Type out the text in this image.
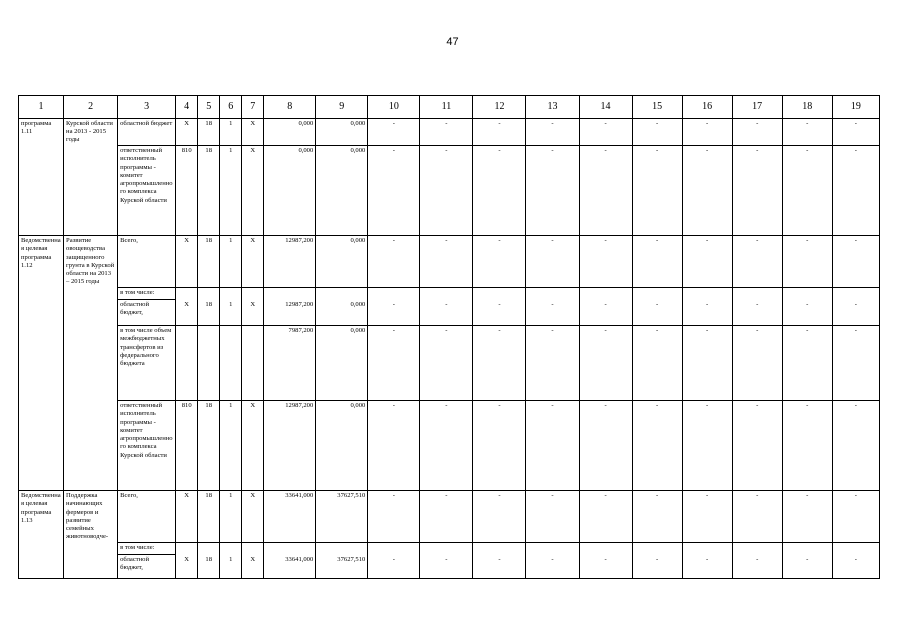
47
1	2	3	4	5	6	7	8	9	10	11	12	13	14	15	16	17	18	19
программа 1.11	Курской области на 2013 - 2015 годы	областной бюджет	Х	18	1	Х	0,000	0,000	-	-	-	-	-	-	-	-	-	-
		ответственный исполнитель программы - комитет агропромышленного комплекса Курской области	810	18	1	Х	0,000	0,000	-	-	-	-	-	-	-	-	-	-
Ведомственная целевая программа 1.12	Развитие овощеводства защищенного грунта в Курской области на 2013 – 2015 годы	Всего,	Х	18	1	Х	12987,200	0,000	-	-	-	-	-	-	-	-	-	-
		в том числе:																
		областной бюджет,	Х	18	1	Х	12987,200	0,000	-	-	-	-	-	-	-	-	-	-
		в том числе объем межбюджетных трансфертов из федерального бюджета					7987,200	0,000	-	-	-	-	-	-	-	-	-	-
		ответственный исполнитель программы - комитет агропромышленного комплекса Курской области	810	18	1	Х	12987,200	0,000	-	-	-	-	-	-	-	-	-	-
Ведомственная целевая программа 1.13	Поддержка начинающих фермеров и развитие семейных животноводче-	Всего,	Х	18	1	Х	33641,000	37627,510	-	-	-	-	-	-	-	-	-	-
		в том числе:																
		областной бюджет,	Х	18	1	Х	33641,000	37627,510	-	-	-	-	-	-	-	-	-	-
